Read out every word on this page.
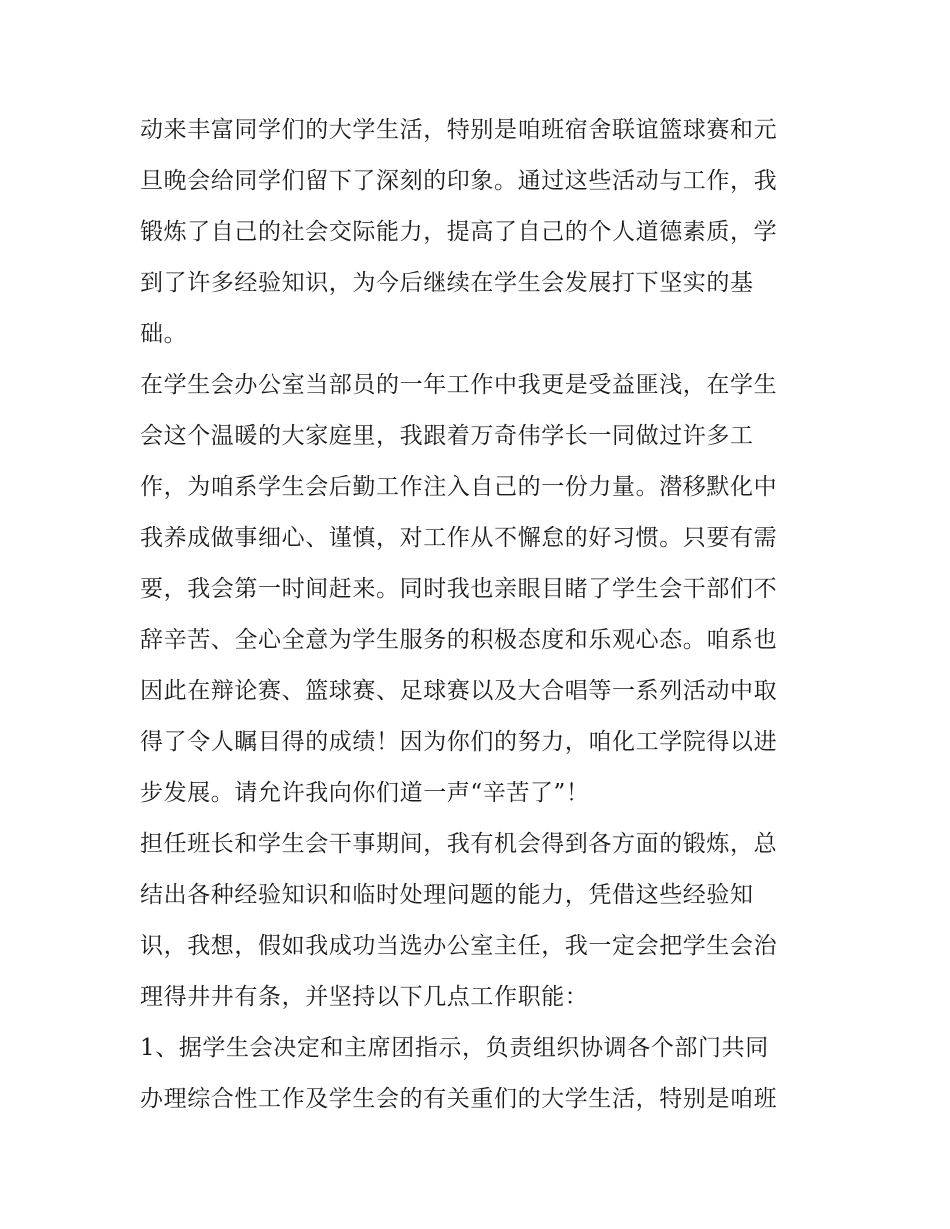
动来丰富同学们的大学生活，特别是咱班宿舍联谊篮球赛和元
旦晚会给同学们留下了深刻的印象。通过这些活动与工作，我
锻炼了自己的社会交际能力，提高了自己的个人道德素质，学
到了许多经验知识，为今后继续在学生会发展打下坚实的基
础。
在学生会办公室当部员的一年工作中我更是受益匪浅，在学生
会这个温暖的大家庭里，我跟着万奇伟学长一同做过许多工
作，为咱系学生会后勤工作注入自己的一份力量。潜移默化中
我养成做事细心、谨慎，对工作从不懈怠的好习惯。只要有需
要，我会第一时间赶来。同时我也亲眼目睹了学生会干部们不
辞辛苦、全心全意为学生服务的积极态度和乐观心态。咱系也
因此在辩论赛、篮球赛、足球赛以及大合唱等一系列活动中取
得了令人瞩目得的成绩！因为你们的努力，咱化工学院得以进
步发展。请允许我向你们道一声“辛苦了”！
担任班长和学生会干事期间，我有机会得到各方面的锻炼，总
结出各种经验知识和临时处理问题的能力，凭借这些经验知
识，我想，假如我成功当选办公室主任，我一定会把学生会治
理得井井有条，并坚持以下几点工作职能：
1、据学生会决定和主席团指示，负责组织协调各个部门共同
办理综合性工作及学生会的有关重们的大学生活，特别是咱班
